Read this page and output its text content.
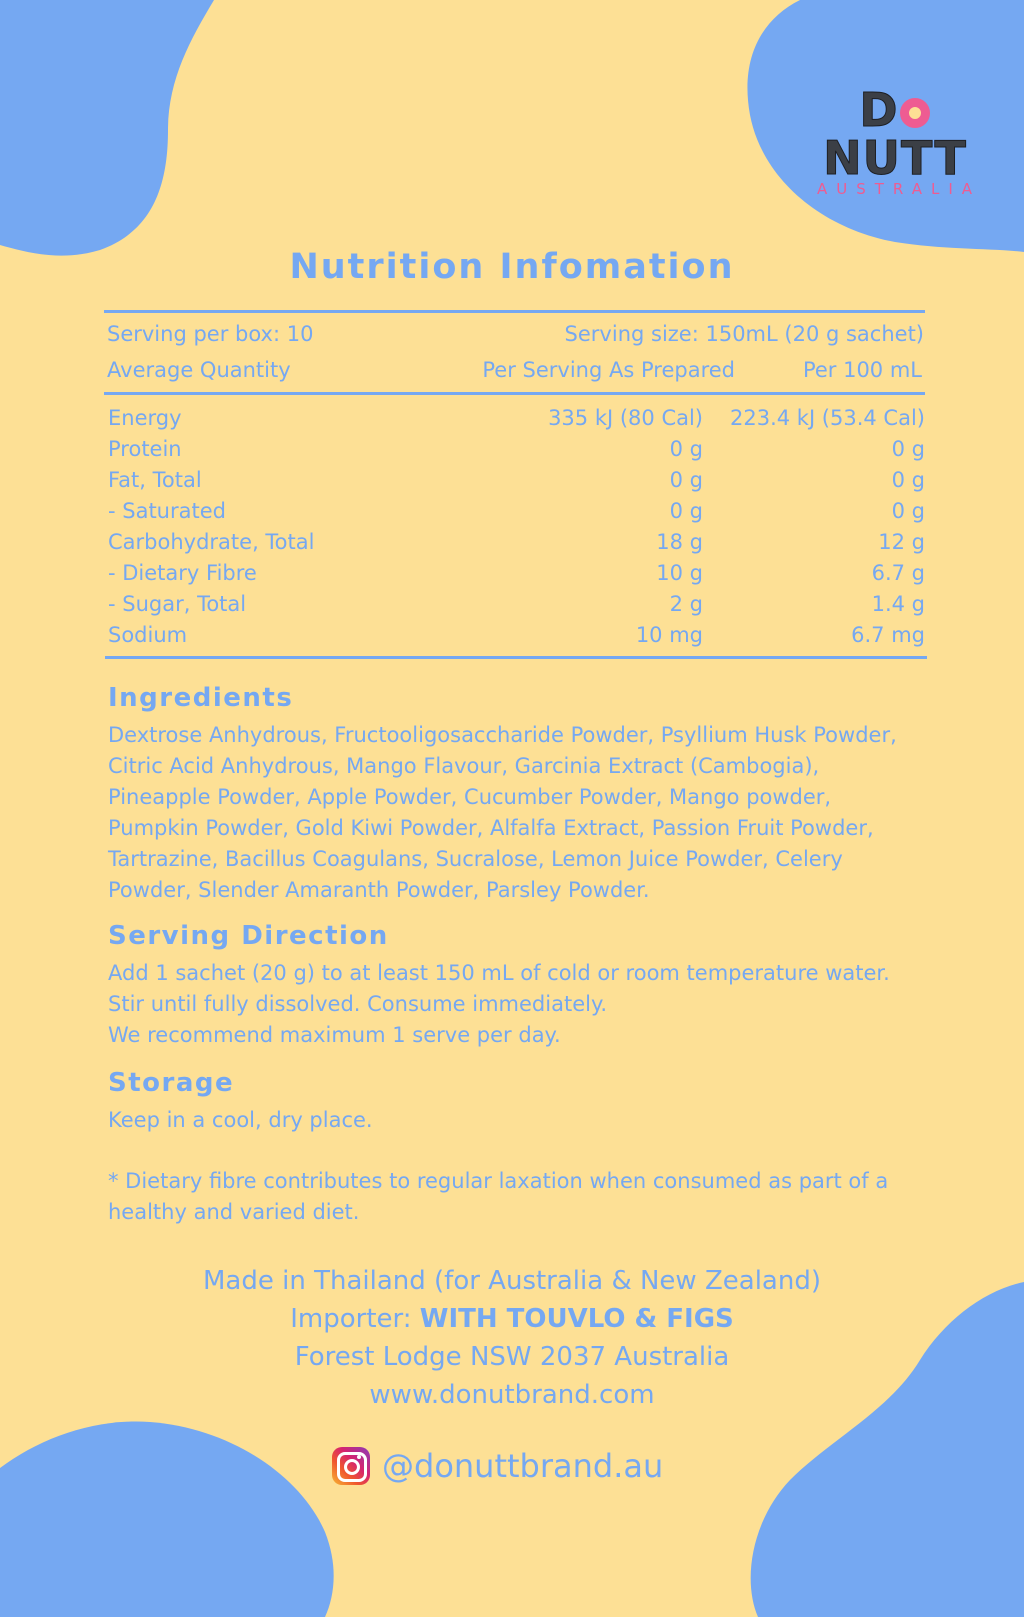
DNUTT
AUSTRALIA
Nutrition Infomation
Serving per box: 10	Serving size: 150mL (20 g sachet)
Average Quantity	Per Serving As Prepared	Per 100 mL
Energy	335 kJ (80 Cal) 223.4 kJ (53.4 Cal)
Protein	0 g	0 g
Fat, Total	0 g	0 g
- Saturated	0 g	0 g
Carbohydrate, Total	18 g	12 g
- Dietary Fibre	10 g	6.7 g
- Sugar, Total	2 g	1.4 g
Sodium	10 mg	6.7 mg
Ingredients
Dextrose Anhydrous, Fructooligosaccharide Powder, Psyllium Husk Powder,
Citric Acid Anhydrous, Mango Flavour, Garcinia Extract (Cambogia),
Pineapple Powder, Apple Powder, Cucumber Powder, Mango powder,
Pumpkin Powder, Gold Kiwi Powder, Alfalfa Extract, Passion Fruit Powder,
Tartrazine, Bacillus Coagulans, Sucralose, Lemon Juice Powder, Celery
Powder, Slender Amaranth Powder, Parsley Powder.
Serving Direction
Add 1 sachet (20 g) to at least 150 mL of cold or room temperature water.
Stir until fully dissolved. Consume immediately.
We recommend maximum 1 serve per day.
Storage
Keep in a cool, dry place.
* Dietary fibre contributes to regular laxation when consumed as part of a
healthy and varied diet.
Made in Thailand (for Australia & New Zealand)
Importer: WITH TOUVLO & FIGS
Forest Lodge NSW 2037 Australia
www.donutbrand.com
@donuttbrand.au
